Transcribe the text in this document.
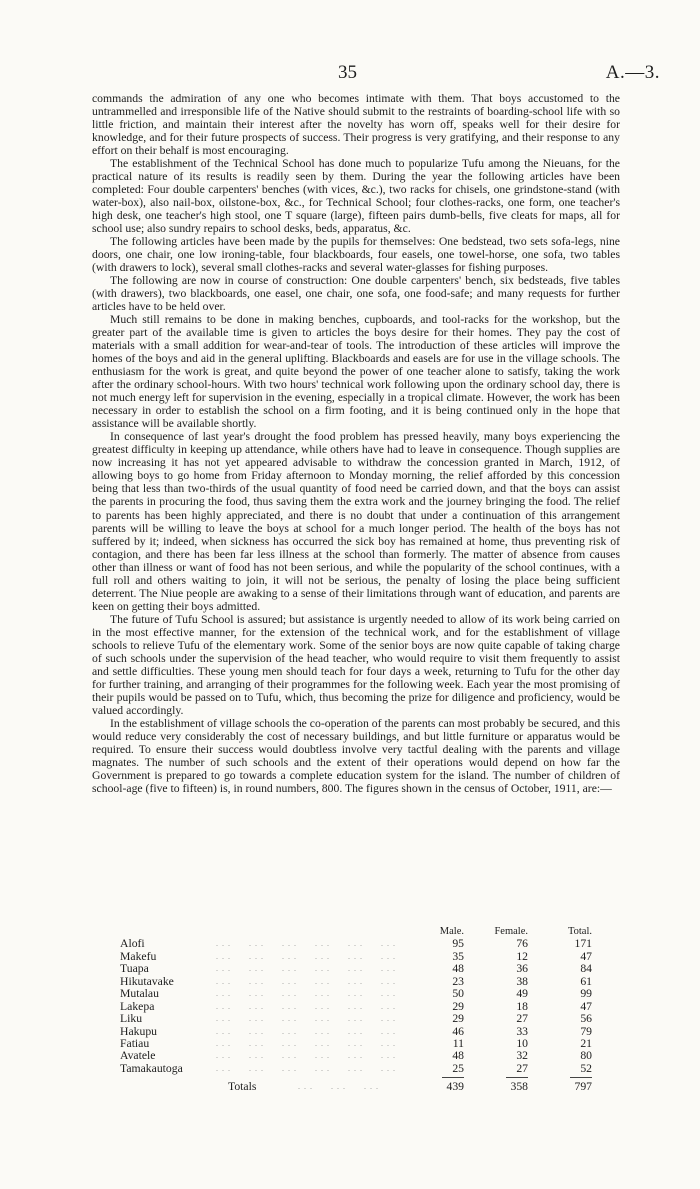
35	A.—3.

commands the admiration of any one who becomes intimate with them. That boys accustomed to the untrammelled and irresponsible life of the Native should submit to the restraints of boarding-school life with so little friction, and maintain their interest after the novelty has worn off, speaks well for their desire for knowledge, and for their future prospects of success. Their progress is very gratifying, and their response to any effort on their behalf is most encouraging.

The establishment of the Technical School has done much to popularize Tufu among the Nieuans, for the practical nature of its results is readily seen by them. During the year the following articles have been completed: Four double carpenters' benches (with vices, &c.), two racks for chisels, one grindstone-stand (with water-box), also nail-box, oilstone-box, &c., for Technical School; four clothes-racks, one form, one teacher's high desk, one teacher's high stool, one T square (large), fifteen pairs dumb-bells, five cleats for maps, all for school use; also sundry repairs to school desks, beds, apparatus, &c.

The following articles have been made by the pupils for themselves: One bedstead, two sets sofa-legs, nine doors, one chair, one low ironing-table, four blackboards, four easels, one towel-horse, one sofa, two tables (with drawers to lock), several small clothes-racks and several water-glasses for fishing purposes.

The following are now in course of construction: One double carpenters' bench, six bedsteads, five tables (with drawers), two blackboards, one easel, one chair, one sofa, one food-safe; and many requests for further articles have to be held over.

Much still remains to be done in making benches, cupboards, and tool-racks for the workshop, but the greater part of the available time is given to articles the boys desire for their homes. They pay the cost of materials with a small addition for wear-and-tear of tools. The introduction of these articles will improve the homes of the boys and aid in the general uplifting. Blackboards and easels are for use in the village schools. The enthusiasm for the work is great, and quite beyond the power of one teacher alone to satisfy, taking the work after the ordinary school-hours. With two hours' technical work following upon the ordinary school day, there is not much energy left for supervision in the evening, especially in a tropical climate. However, the work has been necessary in order to establish the school on a firm footing, and it is being continued only in the hope that assistance will be available shortly.

In consequence of last year's drought the food problem has pressed heavily, many boys experiencing the greatest difficulty in keeping up attendance, while others have had to leave in consequence. Though supplies are now increasing it has not yet appeared advisable to withdraw the concession granted in March, 1912, of allowing boys to go home from Friday afternoon to Monday morning, the relief afforded by this concession being that less than two-thirds of the usual quantity of food need be carried down, and that the boys can assist the parents in procuring the food, thus saving them the extra work and the journey bringing the food. The relief to parents has been highly appreciated, and there is no doubt that under a continuation of this arrangement parents will be willing to leave the boys at school for a much longer period. The health of the boys has not suffered by it; indeed, when sickness has occurred the sick boy has remained at home, thus preventing risk of contagion, and there has been far less illness at the school than formerly. The matter of absence from causes other than illness or want of food has not been serious, and while the popularity of the school continues, with a full roll and others waiting to join, it will not be serious, the penalty of losing the place being sufficient deterrent. The Niue people are awaking to a sense of their limitations through want of education, and parents are keen on getting their boys admitted.

The future of Tufu School is assured; but assistance is urgently needed to allow of its work being carried on in the most effective manner, for the extension of the technical work, and for the establishment of village schools to relieve Tufu of the elementary work. Some of the senior boys are now quite capable of taking charge of such schools under the supervision of the head teacher, who would require to visit them frequently to assist and settle difficulties. These young men should teach for four days a week, returning to Tufu for the other day for further training, and arranging of their programmes for the following week. Each year the most promising of their pupils would be passed on to Tufu, which, thus becoming the prize for diligence and proficiency, would be valued accordingly.

In the establishment of village schools the co-operation of the parents can most probably be secured, and this would reduce very considerably the cost of necessary buildings, and but little furniture or apparatus would be required. To ensure their success would doubtless involve very tactful dealing with the parents and village magnates. The number of such schools and the extent of their operations would depend on how far the Government is prepared to go towards a complete education system for the island. The number of children of school-age (five to fifteen) is, in round numbers, 800. The figures shown in the census of October, 1911, are:—

Male.	Female.	Total.
Alofi	. . .      . . .      . . .      . . .      . . .      . . .	95	76	171
Makefu	. . .      . . .      . . .      . . .      . . .      . . .	35	12	47
Tuapa	. . .      . . .      . . .      . . .      . . .      . . .	48	36	84
Hikutavake	. . .      . . .      . . .      . . .      . . .      . . .	23	38	61
Mutalau	. . .      . . .      . . .      . . .      . . .      . . .	50	49	99
Lakepa	. . .      . . .      . . .      . . .      . . .      . . .	29	18	47
Liku	. . .      . . .      . . .      . . .      . . .      . . .	29	27	56
Hakupu	. . .      . . .      . . .      . . .      . . .      . . .	46	33	79
Fatiau	. . .      . . .      . . .      . . .      . . .      . . .	11	10	21
Avatele	. . .      . . .      . . .      . . .      . . .      . . .	48	32	80
Tamakautoga	. . .      . . .      . . .      . . .      . . .      . . .	25	27	52
Totals	. . .      . . .      . . .	439	358	797
